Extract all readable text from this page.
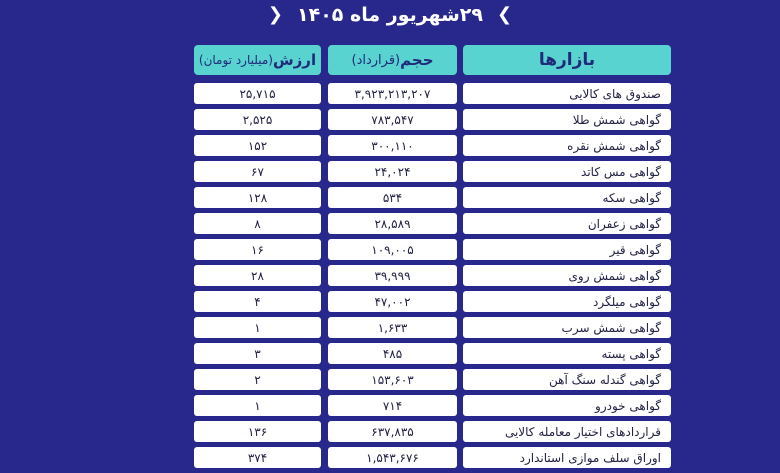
❯ ۲۹شهریور ماه ۱۴۰۵ ❮
بازارها
حجم
(قرارداد)
ارزش
(میلیارد تومان)
صندوق های کالایی
۳,۹۲۳,۲۱۳,۲۰۷
۲۵,۷۱۵
گواهی شمش طلا
۷۸۳,۵۴۷
۲,۵۲۵
گواهی شمش نقره
۳۰۰,۱۱۰
۱۵۲
گواهی مس کاتد
۲۴,۰۲۴
۶۷
گواهی سکه
۵۳۴
۱۲۸
گواهی زعفران
۲۸,۵۸۹
۸
گواهی قیر
۱۰۹,۰۰۵
۱۶
گواهی شمش روی
۳۹,۹۹۹
۲۸
گواهی میلگرد
۴۷,۰۰۲
۴
گواهی شمش سرب
۱,۶۳۳
۱
گواهی پسته
۴۸۵
۳
گواهی گندله سنگ آهن
۱۵۳,۶۰۳
۲
گواهی خودرو
۷۱۴
۱
قراردادهای اختیار معامله کالایی
۶۳۷,۸۳۵
۱۳۶
اوراق سلف موازی استاندارد
۱,۵۴۳,۶۷۶
۳۷۴
